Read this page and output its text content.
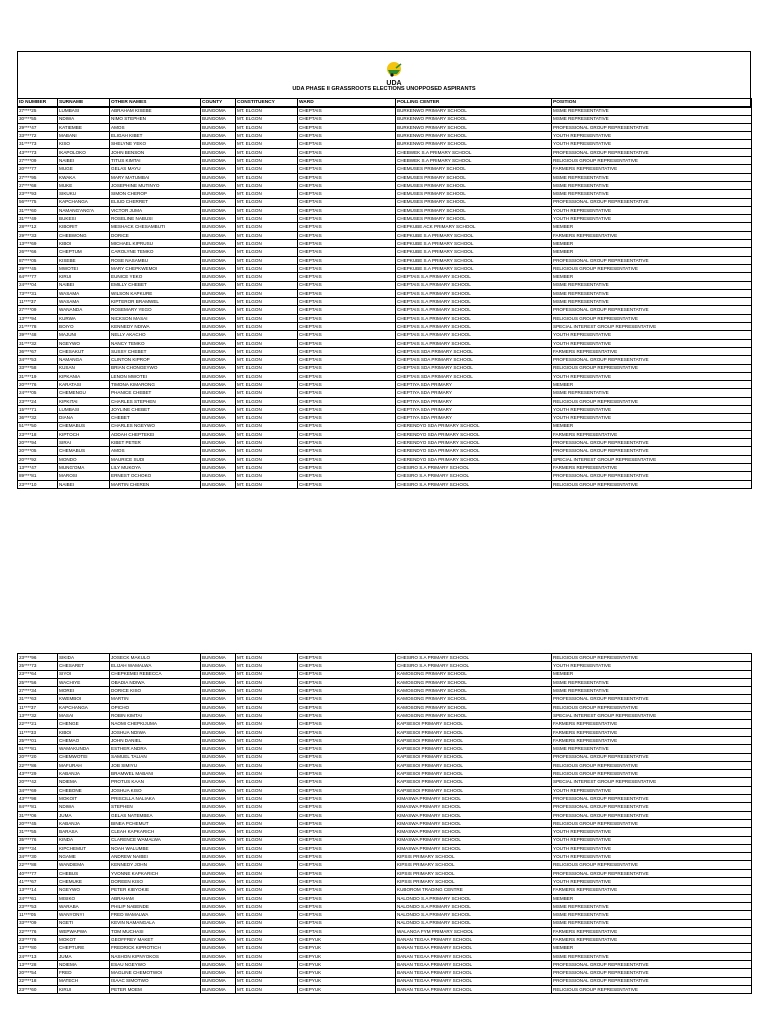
UDA
UDA PHASE II GRASSROOTS ELECTIONS UNOPPOSED ASPIRANTS
ID NUMBER	SURNAME	OTHER NAMES	COUNTY	CONSTITUENCY	WARD	POLLING CENTER	POSITION
27****25	LUMBASI	ABRAHAM KISEBE	BUNGOMA	MT. ELGON	CHEPTAIS	BURKENWO PRIMARY SCHOOL	MSME REPRESENTATIVE
30****55	NDIWA	NIMO STEPHEN	BUNGOMA	MT. ELGON	CHEPTAIS	BURKENWO PRIMARY SCHOOL	MSME REPRESENTATIVE
29****47	KATIEMBE	AMOS	BUNGOMA	MT. ELGON	CHEPTAIS	BURKENWO PRIMARY SCHOOL	PROFESSIONAL GROUP REPRESENTATIVE
33****72	MABANI	ELIGAH KIBET	BUNGOMA	MT. ELGON	CHEPTAIS	BURKENWO PRIMARY SCHOOL	YOUTH REPRESENTATIVE
31****73	KISO	SHELYNE YEKO	BUNGOMA	MT. ELGON	CHEPTAIS	BURKENWO PRIMARY SCHOOL	YOUTH REPRESENTATIVE
43****73	IKAPOLOKO	JOHN BENSON	BUNGOMA	MT. ELGON	CHEPTAIS	CHEBWEK S.A PRIMARY SCHOOL	PROFESSIONAL GROUP REPRESENTATIVE
27****09	NAIBEI	TITUS KIMTAI	BUNGOMA	MT. ELGON	CHEPTAIS	CHEBWEK S.A PRIMARY SCHOOL	RELIGIOUS GROUP REPRESENTATIVE
20****77	MUGE	GELAS MAYU	BUNGOMA	MT. ELGON	CHEPTAIS	CHEMUSES PRIMARY SCHOOL	FARMERS REPRESENTATIVE
27****95	KWAKA	MARY MATUMBAI	BUNGOMA	MT. ELGON	CHEPTAIS	CHEMUSES PRIMARY SCHOOL	MSME REPRESENTATIVE
27****68	MUKE	JOSEPHINE MUTINYO	BUNGOMA	MT. ELGON	CHEPTAIS	CHEMUSES PRIMARY SCHOOL	MSME REPRESENTATIVE
23****93	SIKUKU	SIMON CHEROP	BUNGOMA	MT. ELGON	CHEPTAIS	CHEMUSES PRIMARY SCHOOL	MSME REPRESENTATIVE
56****75	KAPCHANGA	ELIUD CHERRET	BUNGOMA	MT. ELGON	CHEPTAIS	CHEMUSES PRIMARY SCHOOL	PROFESSIONAL GROUP REPRESENTATIVE
31****60	NAMANG'ANG'A	VICTOR JUMA	BUNGOMA	MT. ELGON	CHEPTAIS	CHEMUSES PRIMARY SCHOOL	YOUTH REPRESENTATIVE
31****49	BUKESI	ROSELINE NABUSI	BUNGOMA	MT. ELGON	CHEPTAIS	CHEMUSES PRIMARY SCHOOL	YOUTH REPRESENTATIVE
28****12	KIBORIT	MESHACK CHESAMBUTI	BUNGOMA	MT. ELGON	CHEPTAIS	CHEPKUBE ACK PRIMARY SCHOOL	MEMBER
29****33	CHEBWONG	DORICE	BUNGOMA	MT. ELGON	CHEPTAIS	CHEPKUBE S.A PRIMARY SCHOOL	FARMERS REPRESENTATIVE
13****69	KIBOI	MICHAEL KIPRUSU	BUNGOMA	MT. ELGON	CHEPTAIS	CHEPKUBE S.A PRIMARY SCHOOL	MEMBER
26****66	CHEPTUM	CAROLYNE TEMKO	BUNGOMA	MT. ELGON	CHEPTAIS	CHEPKUBE S.A PRIMARY SCHOOL	MEMBER
87****05	KISEBE	ROSE NASAMBU	BUNGOMA	MT. ELGON	CHEPTAIS	CHEPKUBE S.A PRIMARY SCHOOL	PROFESSIONAL GROUP REPRESENTATIVE
29****45	MWOTEI	MARY CHEPKWEMOI	BUNGOMA	MT. ELGON	CHEPTAIS	CHEPKUBE S.A PRIMARY SCHOOL	RELIGIOUS GROUP REPRESENTATIVE
64****77	KIRUI	EUNICE YEKO	BUNGOMA	MT. ELGON	CHEPTAIS	CHEPTAIS S.A PRIMARY SCHOOL	MEMBER
24****04	NAIBEI	EMILLY CHEBET	BUNGOMA	MT. ELGON	CHEPTAIS	CHEPTAIS S.A PRIMARY SCHOOL	MSME REPRESENTATIVE
73****31	WASAMA	WILSON KAPKURE	BUNGOMA	MT. ELGON	CHEPTAIS	CHEPTAIS S.A PRIMARY SCHOOL	MSME REPRESENTATIVE
11****37	WASAMA	KIPTEROR BRAMWEL	BUNGOMA	MT. ELGON	CHEPTAIS	CHEPTAIS S.A PRIMARY SCHOOL	MSME REPRESENTATIVE
27****09	WANANDA	ROSEMARY YEGO	BUNGOMA	MT. ELGON	CHEPTAIS	CHEPTAIS S.A PRIMARY SCHOOL	PROFESSIONAL GROUP REPRESENTATIVE
13****94	KURWA	NICKSON MASAI	BUNGOMA	MT. ELGON	CHEPTAIS	CHEPTAIS S.A PRIMARY SCHOOL	RELIGIOUS GROUP REPRESENTATIVE
21****78	BOIYO	KENNEDY NDIWA	BUNGOMA	MT. ELGON	CHEPTAIS	CHEPTAIS S.A PRIMARY SCHOOL	SPECIAL INTEREST GROUP REPRESENTATIVE
39****48	MAJUNI	NELLY AKACHO	BUNGOMA	MT. ELGON	CHEPTAIS	CHEPTAIS S.A PRIMARY SCHOOL	YOUTH REPRESENTATIVE
31****32	NGEYWO	NANCY TEMKO	BUNGOMA	MT. ELGON	CHEPTAIS	CHEPTAIS S.A PRIMARY SCHOOL	YOUTH REPRESENTATIVE
36****67	CHESAKUT	SUSSY CHEBET	BUNGOMA	MT. ELGON	CHEPTAIS	CHEPTAIS SDA PRIMARY SCHOOL	FARMERS REPRESENTATIVE
34****53	NAMANGA	CLINTON KIPROP	BUNGOMA	MT. ELGON	CHEPTAIS	CHEPTAIS SDA PRIMARY SCHOOL	PROFESSIONAL GROUP REPRESENTATIVE
33****58	KUSAN	BRIAN CHONGEYWO	BUNGOMA	MT. ELGON	CHEPTAIS	CHEPTAIS SDA PRIMARY SCHOOL	RELIGIOUS GROUP REPRESENTATIVE
31****19	KIPKANIA	LENON MWOTEI	BUNGOMA	MT. ELGON	CHEPTAIS	CHEPTAIS SDA PRIMARY SCHOOL	YOUTH REPRESENTATIVE
20****76	KARATASI	TIMONA KIMARONG	BUNGOMA	MT. ELGON	CHEPTAIS	CHEPTIYA SDA PRIMARY	MEMBER
24****05	CHEMENGU	PHANICE CHEBET	BUNGOMA	MT. ELGON	CHEPTAIS	CHEPTIYA SDA PRIMARY	MSME REPRESENTATIVE
23****24	KIPKITAI	CHARLES STEPHEN	BUNGOMA	MT. ELGON	CHEPTAIS	CHEPTIYA SDA PRIMARY	RELIGIOUS GROUP REPRESENTATIVE
15****71	LUMBASI	JOYLINE CHEBET	BUNGOMA	MT. ELGON	CHEPTAIS	CHEPTIYA SDA PRIMARY	YOUTH REPRESENTATIVE
36****32	DIANA	CHEBET	BUNGOMA	MT. ELGON	CHEPTAIS	CHEPTIYA SDA PRIMARY	YOUTH REPRESENTATIVE
51****50	CHEMABUS	CHARLES NGEYWO	BUNGOMA	MT. ELGON	CHEPTAIS	CHERENDYO SDA PRIMARY SCHOOL	MEMBER
23****18	KIPTOCH	ADDAH CHEPTEKEI	BUNGOMA	MT. ELGON	CHEPTAIS	CHERENDYO SDA PRIMARY SCHOOL	FARMERS REPRESENTATIVE
20****94	SIRAI	KIBET PETER	BUNGOMA	MT. ELGON	CHEPTAIS	CHERENDYO SDA PRIMARY SCHOOL	PROFESSIONAL GROUP REPRESENTATIVE
20****05	CHEMABUS	AMOS	BUNGOMA	MT. ELGON	CHEPTAIS	CHERENDYO SDA PRIMARY SCHOOL	PROFESSIONAL GROUP REPRESENTATIVE
20****92	MONDO	MAURICE SUDI	BUNGOMA	MT. ELGON	CHEPTAIS	CHERENDYO SDA PRIMARY SCHOOL	SPECIAL INTEREST GROUP REPRESENTATIVE
13****47	MUNG'OMA	LILY MUKOYA	BUNGOMA	MT. ELGON	CHEPTAIS	CHESIRO S.A PRIMARY SCHOOL	FARMERS REPRESENTATIVE
89****81	MAROSI	ERNEST OCHOKO	BUNGOMA	MT. ELGON	CHEPTAIS	CHESIRO S.A PRIMARY SCHOOL	PROFESSIONAL GROUP REPRESENTATIVE
23****10	NAIBEI	MARTIN CHEREN	BUNGOMA	MT. ELGON	CHEPTAIS	CHESIRO S.A PRIMARY SCHOOL	RELIGIOUS GROUP REPRESENTATIVE
23****96	SIKIDA	JOSECK MAKULO	BUNGOMA	MT. ELGON	CHEPTAIS	CHESIRO S.A PRIMARY SCHOOL	RELIGIOUS GROUP REPRESENTATIVE
25****73	CHESARET	ELIJAH WAMALWA	BUNGOMA	MT. ELGON	CHEPTAIS	CHESIRO S.A PRIMARY SCHOOL	YOUTH REPRESENTATIVE
23****64	SIYOI	CHEPKEMEI REBECCA	BUNGOMA	MT. ELGON	CHEPTAIS	KAMOSONG PRIMARY SCHOOL	MEMBER
25****56	WACHIYE	OBADIA NDIWA	BUNGOMA	MT. ELGON	CHEPTAIS	KAMOSONG PRIMARY SCHOOL	MSME REPRESENTATIVE
27****34	MOREI	DORICE KISO	BUNGOMA	MT. ELGON	CHEPTAIS	KAMOSONG PRIMARY SCHOOL	MSME REPRESENTATIVE
31****63	KWEMBOI	MARTIN	BUNGOMA	MT. ELGON	CHEPTAIS	KAMOSONG PRIMARY SCHOOL	PROFESSIONAL GROUP REPRESENTATIVE
11****37	KAPCHANGA	OPICHO	BUNGOMA	MT. ELGON	CHEPTAIS	KAMOSONG PRIMARY SCHOOL	RELIGIOUS GROUP REPRESENTATIVE
13****32	MASAI	ROBIN KIMTAI	BUNGOMA	MT. ELGON	CHEPTAIS	KAMOSONG PRIMARY SCHOOL	SPECIAL INTEREST GROUP REPRESENTATIVE
22****21	CHENGE	NAOMI CHEPKIJUMA	BUNGOMA	MT. ELGON	CHEPTAIS	KAPSESOI PRIMARY SCHOOL	FARMERS REPRESENTATIVE
11****33	KIBOI	JOSHUA NDIWA	BUNGOMA	MT. ELGON	CHEPTAIS	KAPSESOI PRIMARY SCHOOL	FARMERS REPRESENTATIVE
25****01	CHEMAO	JOHN DANIEL	BUNGOMA	MT. ELGON	CHEPTAIS	KAPSESOI PRIMARY SCHOOL	FARMERS REPRESENTATIVE
51****81	WAMAKUNDA	ESTHER ANDRA	BUNGOMA	MT. ELGON	CHEPTAIS	KAPSESOI PRIMARY SCHOOL	MSME REPRESENTATIVE
20****20	CHEMWOTEI	SAMUEL TALIAN	BUNGOMA	MT. ELGON	CHEPTAIS	KAPSESOI PRIMARY SCHOOL	PROFESSIONAL GROUP REPRESENTATIVE
22****86	MAFURAH	JOB SIMIYU	BUNGOMA	MT. ELGON	CHEPTAIS	KAPSESOI PRIMARY SCHOOL	RELIGIOUS GROUP REPRESENTATIVE
43****29	KABANJA	BRAMWEL MABANI	BUNGOMA	MT. ELGON	CHEPTAIS	KAPSESOI PRIMARY SCHOOL	RELIGIOUS GROUP REPRESENTATIVE
20****42	NDIEMA	PROTUS KAAN	BUNGOMA	MT. ELGON	CHEPTAIS	KAPSESOI PRIMARY SCHOOL	SPECIAL INTEREST GROUP REPRESENTATIVE
34****69	CHEBONE	JOSHUA KISO	BUNGOMA	MT. ELGON	CHEPTAIS	KAPSESOI PRIMARY SCHOOL	YOUTH REPRESENTATIVE
43****98	MOKOIT	PRISCILLA NALIAKA	BUNGOMA	MT. ELGON	CHEPTAIS	KIMASWA PRIMARY SCHOOL	PROFESSIONAL GROUP REPRESENTATIVE
84****81	NDIWA	STEPHEN	BUNGOMA	MT. ELGON	CHEPTAIS	KIMASWA PRIMARY SCHOOL	PROFESSIONAL GROUP REPRESENTATIVE
31****06	JUMA	GELAS NATEMBEA	BUNGOMA	MT. ELGON	CHEPTAIS	KIMASWA PRIMARY SCHOOL	PROFESSIONAL GROUP REPRESENTATIVE
20****45	KABANJA	BINEA PCHEMUT	BUNGOMA	MT. ELGON	CHEPTAIS	KIMASWA PRIMARY SCHOOL	RELIGIOUS GROUP REPRESENTATIVE
31****55	BARASA	CLEAH KAPKARICH	BUNGOMA	MT. ELGON	CHEPTAIS	KIMASWA PRIMARY SCHOOL	YOUTH REPRESENTATIVE
35****76	KINDA	CLARENCE WAMALWA	BUNGOMA	MT. ELGON	CHEPTAIS	KIMASWA PRIMARY SCHOOL	YOUTH REPRESENTATIVE
29****34	KIPCHEMUT	NOAH WALUMBE	BUNGOMA	MT. ELGON	CHEPTAIS	KIMASWA PRIMARY SCHOOL	YOUTH REPRESENTATIVE
34****30	NGAME	ANDREW NAIBEI	BUNGOMA	MT. ELGON	CHEPTAIS	KIPSIS PRIMARY SCHOOL	YOUTH REPRESENTATIVE
22****88	WANDIEMA	KENNEDY JOHN	BUNGOMA	MT. ELGON	CHEPTAIS	KIPSIS PRIMARY SCHOOL	RELIGIOUS GROUP REPRESENTATIVE
40****77	CHEBUS	YVONNE KAPKARICH	BUNGOMA	MT. ELGON	CHEPTAIS	KIPSIS PRIMARY SCHOOL	PROFESSIONAL GROUP REPRESENTATIVE
41****67	CHEMUKE	DOREEN KISO	BUNGOMA	MT. ELGON	CHEPTAIS	KIPSIS PRIMARY SCHOOL	YOUTH REPRESENTATIVE
13****14	NGEYWO	PETER KIBYOKIE	BUNGOMA	MT. ELGON	CHEPTAIS	KUBOROM TRADING CENTRE	FARMERS REPRESENTATIVE
24****61	MISIKO	ABRAHAM	BUNGOMA	MT. ELGON	CHEPTAIS	NALONDO S.A PRIMARY SCHOOL	MEMBER
23****53	WARABA	PHILIP NABENDE	BUNGOMA	MT. ELGON	CHEPTAIS	NALONDO S.A PRIMARY SCHOOL	MSME REPRESENTATIVE
11****05	WANYONYI	FRED WAMALWA	BUNGOMA	MT. ELGON	CHEPTAIS	NALONDO S.A PRIMARY SCHOOL	MSME REPRESENTATIVE
33****09	NGETI	KEVIN NAMANGALA	BUNGOMA	MT. ELGON	CHEPTAIS	NALONDO S.A PRIMARY SCHOOL	MSME REPRESENTATIVE
22****76	WEPWAPWA	TOM MUCHASI	BUNGOMA	MT. ELGON	CHEPTAIS	WALANGA FYM PRIMARY SCHOOL	FARMERS REPRESENTATIVE
23****76	MOKOT	GEOFFREY MAKET	BUNGOMA	MT. ELGON	CHEPYUK	BANAN TEGAA PRIMARY SCHOOL	FARMERS REPRESENTATIVE
13****80	CHEPTURE	FREDRICK KIPROTICH	BUNGOMA	MT. ELGON	CHEPYUK	BANAN TEGAA PRIMARY SCHOOL	MEMBER
24****13	JUMA	NASHON KIPNYOKOS	BUNGOMA	MT. ELGON	CHEPYUK	BANAN TEGAA PRIMARY SCHOOL	MSME REPRESENTATIVE
13****28	NDIEMA	ESAU NGEYWO	BUNGOMA	MT. ELGON	CHEPYUK	BANAN TEGAA PRIMARY SCHOOL	PROFESSIONAL GROUP REPRESENTATIVE
20****54	FRED	MAGLINE CHEMOTWOI	BUNGOMA	MT. ELGON	CHEPYUK	BANAN TEGAA PRIMARY SCHOOL	PROFESSIONAL GROUP REPRESENTATIVE
22****18	MATECH	ISAAC SIMOTWO	BUNGOMA	MT. ELGON	CHEPYUK	BANAN TEGAA PRIMARY SCHOOL	PROFESSIONAL GROUP REPRESENTATIVE
23****60	KIRUI	PETER MOEM	BUNGOMA	MT. ELGON	CHEPYUK	BANAN TEGAA PRIMARY SCHOOL	RELIGIOUS GROUP REPRESENTATIVE
